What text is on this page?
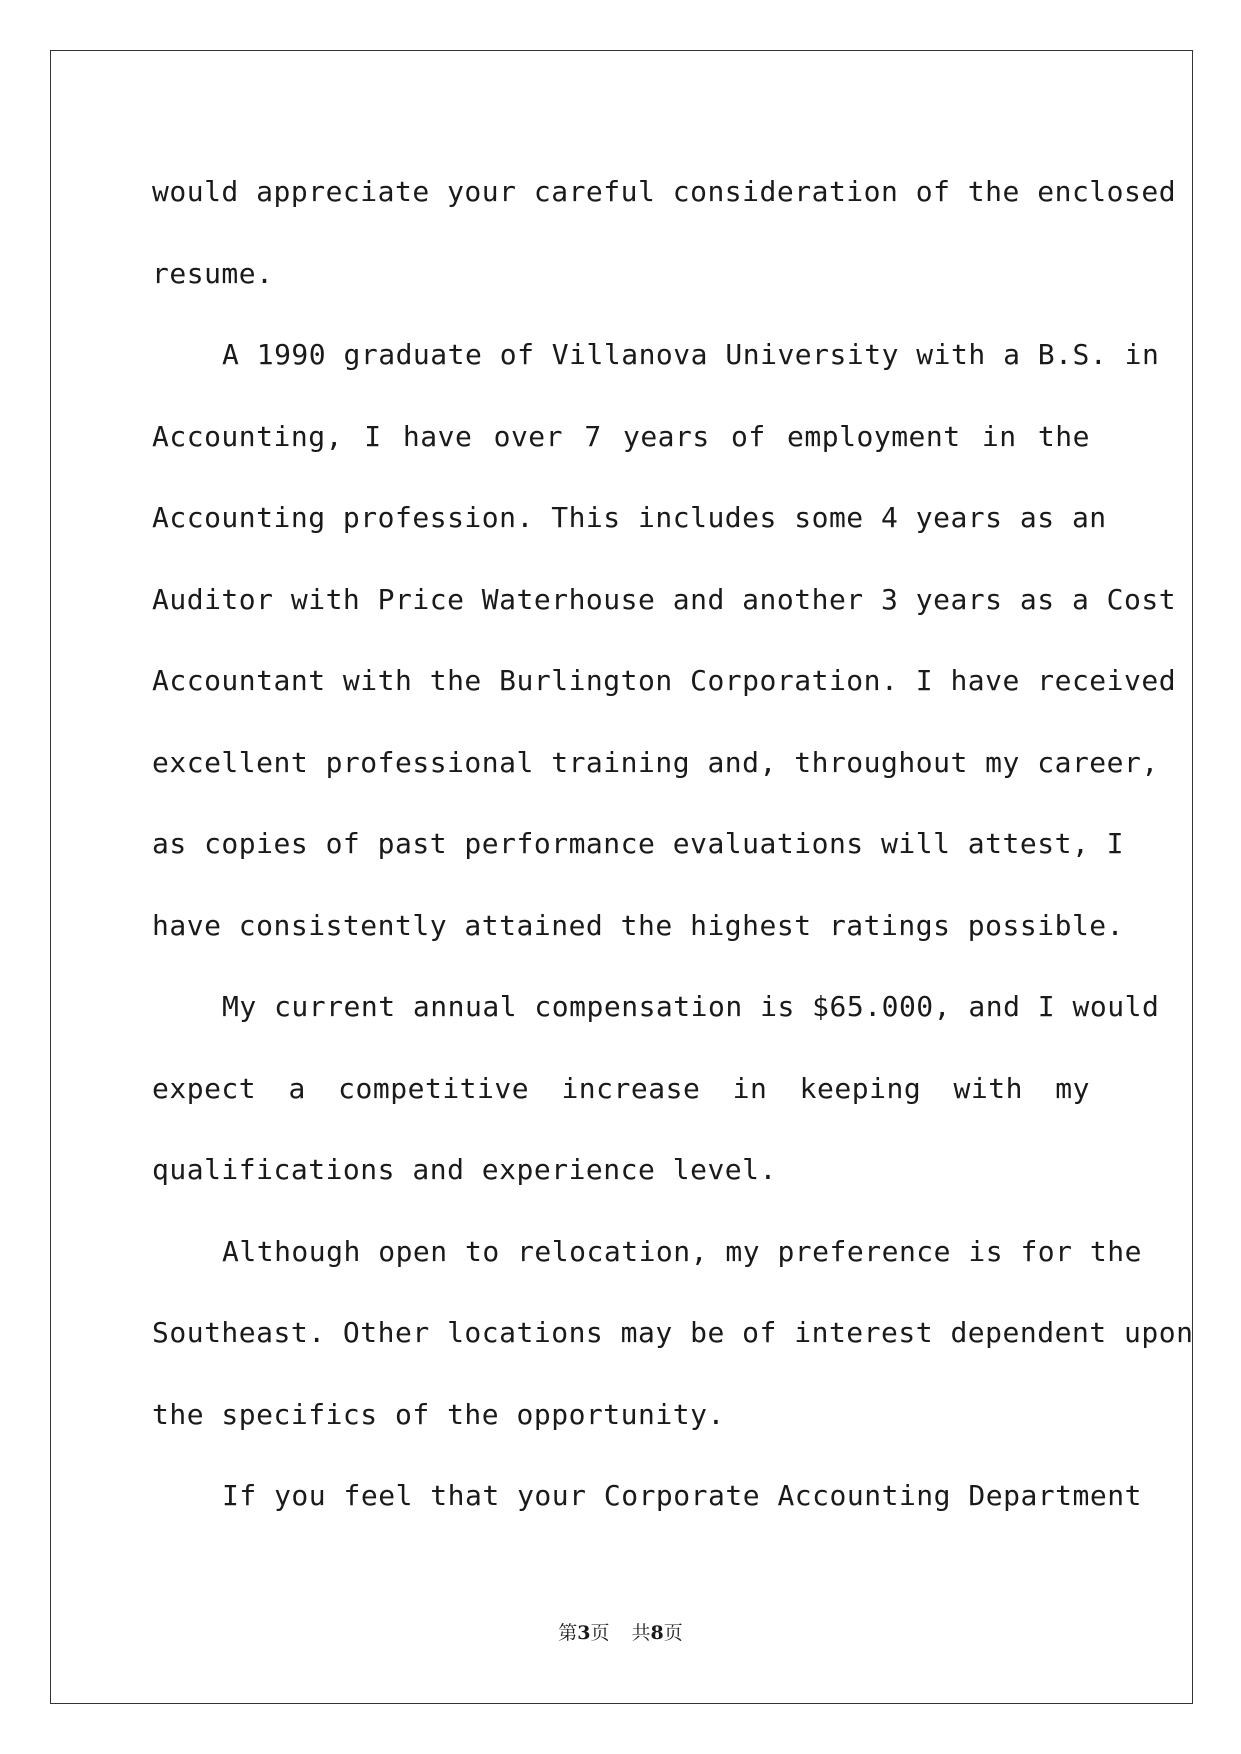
would appreciate your careful consideration of the enclosed
resume.
A 1990 graduate of Villanova University with a B.S. in
Accounting, I have over 7 years of employment in the
Accounting profession. This includes some 4 years as an
Auditor with Price Waterhouse and another 3 years as a Cost
Accountant with the Burlington Corporation. I have received
excellent professional training and, throughout my career,
as copies of past performance evaluations will attest, I
have consistently attained the highest ratings possible.
My current annual compensation is $65.000, and I would
expect a competitive increase in keeping with my
qualifications and experience level.
Although open to relocation, my preference is for the
Southeast. Other locations may be of interest dependent upon
the specifics of the opportunity.
If you feel that your Corporate Accounting Department
第3页 共8页
